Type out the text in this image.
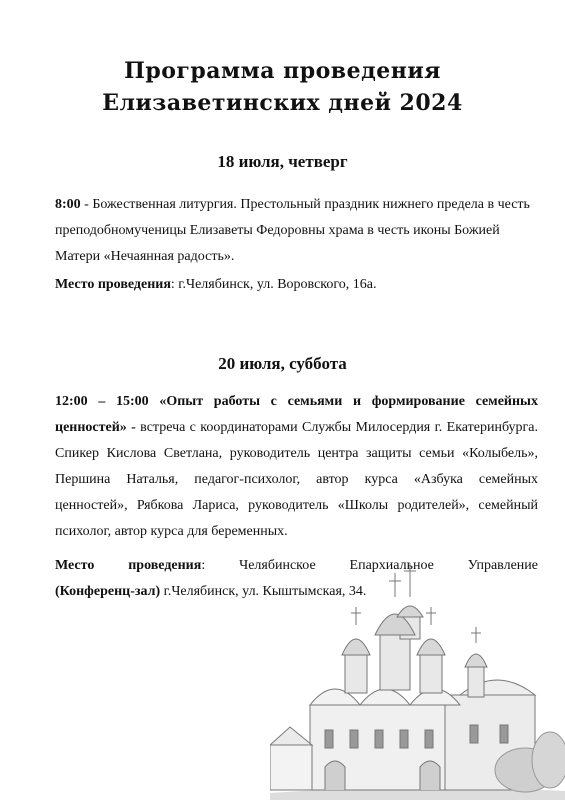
Программа проведения
Елизаветинских дней 2024
18 июля, четверг
8:00 - Божественная литургия. Престольный праздник нижнего предела в честь преподобномученицы Елизаветы Федоровны храма в честь иконы Божией Матери «Нечаянная радость».
Место проведения: г.Челябинск, ул. Воровского, 16а.
20 июля, суббота
12:00 – 15:00 «Опыт работы с семьями и формирование семейных ценностей» - встреча с координаторами Службы Милосердия г. Екатеринбурга. Спикер Кислова Светлана, руководитель центра защиты семьи «Колыбель», Першина Наталья, педагог-психолог, автор курса «Азбука семейных ценностей», Рябкова Лариса, руководитель «Школы родителей», семейный психолог, автор курса для беременных.
Место проведения: Челябинское Епархиальное Управление
(Конференц-зал) г.Челябинск, ул. Кыштымская, 34.
